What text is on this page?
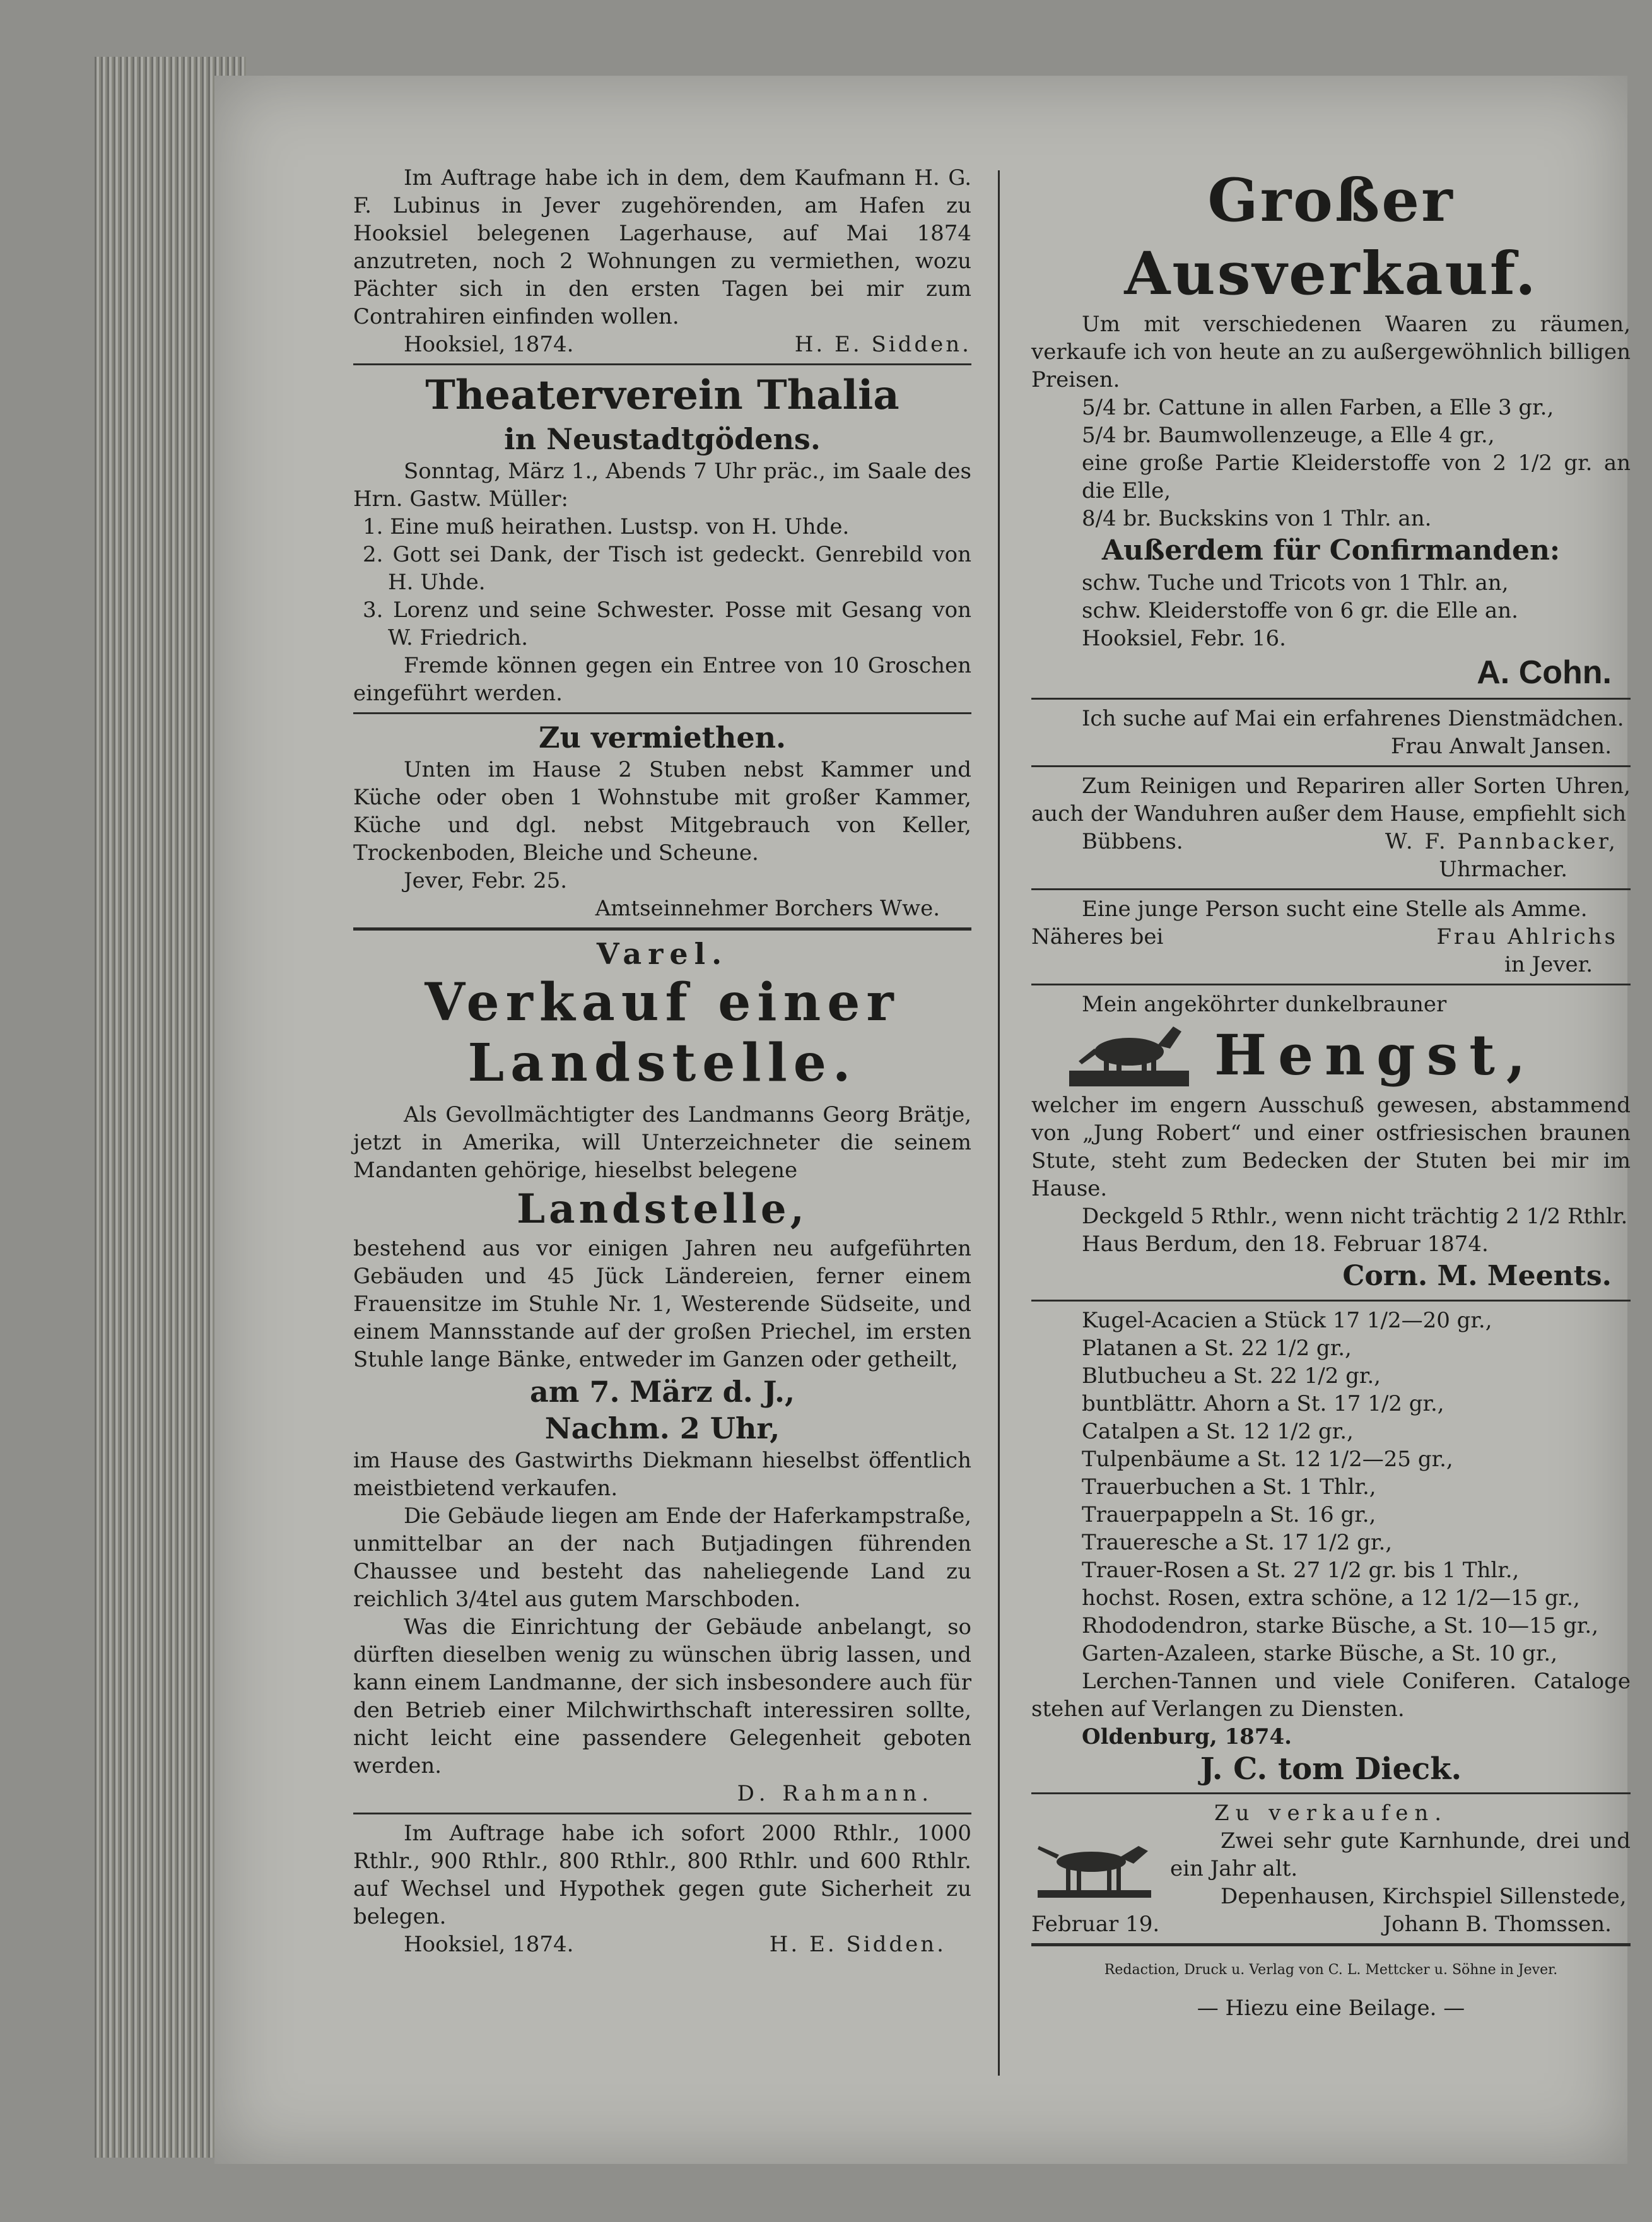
Im Auftrage habe ich in dem, dem Kaufmann H. G. F. Lubinus in Jever zugehörenden, am Hafen zu Hooksiel belegenen Lagerhause, auf Mai 1874 anzutreten, noch 2 Wohnungen zu vermiethen, wozu Pächter sich in den ersten Tagen bei mir zum Contrahiren einfinden wollen.

Hooksiel, 1874.	H. E. Sidden.
Theaterverein Thalia
in Neustadtgödens.

Sonntag, März 1., Abends 7 Uhr präc., im Saale des Hrn. Gastw. Müller:

1. Eine muß heirathen. Lustsp. von H. Uhde.

2. Gott sei Dank, der Tisch ist gedeckt. Genrebild von H. Uhde.

3. Lorenz und seine Schwester. Posse mit Gesang von W. Friedrich.

Fremde können gegen ein Entree von 10 Groschen eingeführt werden.

Zu vermiethen.

Unten im Hause 2 Stuben nebst Kammer und Küche oder oben 1 Wohnstube mit großer Kammer, Küche und dgl. nebst Mitgebrauch von Keller, Trockenboden, Bleiche und Scheune.

Jever, Febr. 25.

Amtseinnehmer Borchers Wwe.

Varel.
Verkauf einer
Landstelle.

Als Gevollmächtigter des Landmanns Georg Brätje, jetzt in Amerika, will Unterzeichneter die seinem Mandanten gehörige, hieselbst belegene

Landstelle,

bestehend aus vor einigen Jahren neu aufgeführten Gebäuden und 45 Jück Ländereien, ferner einem Frauensitze im Stuhle Nr. 1, Westerende Südseite, und einem Mannsstande auf der großen Priechel, im ersten Stuhle lange Bänke, entweder im Ganzen oder getheilt,

am 7. März d. J.,
Nachm. 2 Uhr,

im Hause des Gastwirths Diekmann hieselbst öffentlich meistbietend verkaufen.

Die Gebäude liegen am Ende der Haferkampstraße, unmittelbar an der nach Butjadingen führenden Chaussee und besteht das naheliegende Land zu reichlich 3/4tel aus gutem Marschboden.

Was die Einrichtung der Gebäude anbelangt, so dürften dieselben wenig zu wünschen übrig lassen, und kann einem Landmanne, der sich insbesondere auch für den Betrieb einer Milchwirthschaft interessiren sollte, nicht leicht eine passendere Gelegenheit geboten werden.

D. Rahmann.

Im Auftrage habe ich sofort 2000 Rthlr., 1000 Rthlr., 900 Rthlr., 800 Rthlr., 800 Rthlr. und 600 Rthlr. auf Wechsel und Hypothek gegen gute Sicherheit zu belegen.

Hooksiel, 1874.	H. E. Sidden.
Großer Ausverkauf.

Um mit verschiedenen Waaren zu räumen, verkaufe ich von heute an zu außergewöhnlich billigen Preisen.

5/4 br. Cattune in allen Farben, a Elle 3 gr.,

5/4 br. Baumwollenzeuge, a Elle 4 gr.,

eine große Partie Kleiderstoffe von 2 1/2 gr. an die Elle,

8/4 br. Buckskins von 1 Thlr. an.

Außerdem für Confirmanden:

schw. Tuche und Tricots von 1 Thlr. an,

schw. Kleiderstoffe von 6 gr. die Elle an.

Hooksiel, Febr. 16.

A. Cohn.

Ich suche auf Mai ein erfahrenes Dienstmädchen.

Frau Anwalt Jansen.

Zum Reinigen und Repariren aller Sorten Uhren, auch der Wanduhren außer dem Hause, empfiehlt sich

Bübbens.	W. F. Pannbacker,

Uhrmacher.

Eine junge Person sucht eine Stelle als Amme.

Näheres bei	Frau Ahlrichs

in Jever.

Mein angeköhrter dunkelbrauner

Hengst,

welcher im engern Ausschuß gewesen, abstammend von „Jung Robert“ und einer ostfriesischen braunen Stute, steht zum Bedecken der Stuten bei mir im Hause.

Deckgeld 5 Rthlr., wenn nicht trächtig 2 1/2 Rthlr.

Haus Berdum, den 18. Februar 1874.

Corn. M. Meents.

Kugel-Acacien a Stück 17 1/2—20 gr.,

Platanen a St. 22 1/2 gr.,

Blutbucheu a St. 22 1/2 gr.,

buntblättr. Ahorn a St. 17 1/2 gr.,

Catalpen a St. 12 1/2 gr.,

Tulpenbäume a St. 12 1/2—25 gr.,

Trauerbuchen a St. 1 Thlr.,

Trauerpappeln a St. 16 gr.,

Traueresche a St. 17 1/2 gr.,

Trauer-Rosen a St. 27 1/2 gr. bis 1 Thlr.,

hochst. Rosen, extra schöne, a 12 1/2—15 gr.,

Rhododendron, starke Büsche, a St. 10—15 gr.,

Garten-Azaleen, starke Büsche, a St. 10 gr.,

Lerchen-Tannen und viele Coniferen. Cataloge stehen auf Verlangen zu Diensten.

Oldenburg, 1874.

J. C. tom Dieck.

Zu verkaufen.

Zwei sehr gute Karnhunde, drei und ein Jahr alt.

Depenhausen, Kirchspiel Sillenstede,

Februar 19.	Johann B. Thomssen.

Redaction, Druck u. Verlag von C. L. Mettcker u. Söhne in Jever.

— Hiezu eine Beilage. —
